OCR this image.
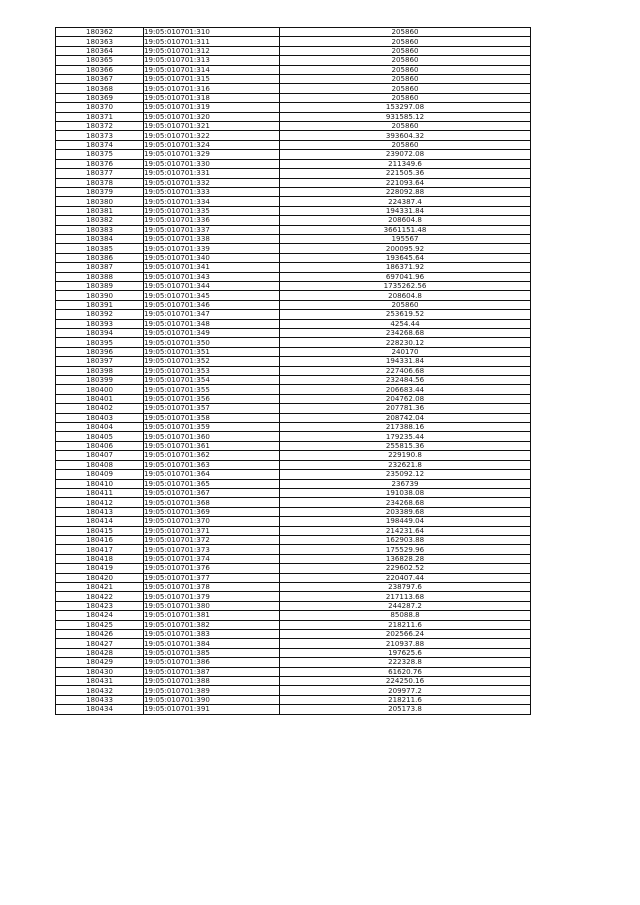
180362	19:05:010701:310	205860
180363	19:05:010701:311	205860
180364	19:05:010701:312	205860
180365	19:05:010701:313	205860
180366	19:05:010701:314	205860
180367	19:05:010701:315	205860
180368	19:05:010701:316	205860
180369	19:05:010701:318	205860
180370	19:05:010701:319	153297.08
180371	19:05:010701:320	931585.12
180372	19:05:010701:321	205860
180373	19:05:010701:322	393604.32
180374	19:05:010701:324	205860
180375	19:05:010701:329	239072.08
180376	19:05:010701:330	211349.6
180377	19:05:010701:331	221505.36
180378	19:05:010701:332	221093.64
180379	19:05:010701:333	228092.88
180380	19:05:010701:334	224387.4
180381	19:05:010701:335	194331.84
180382	19:05:010701:336	208604.8
180383	19:05:010701:337	3661151.48
180384	19:05:010701:338	195567
180385	19:05:010701:339	200095.92
180386	19:05:010701:340	193645.64
180387	19:05:010701:341	186371.92
180388	19:05:010701:343	697041.96
180389	19:05:010701:344	1735262.56
180390	19:05:010701:345	208604.8
180391	19:05:010701:346	205860
180392	19:05:010701:347	253619.52
180393	19:05:010701:348	4254.44
180394	19:05:010701:349	234268.68
180395	19:05:010701:350	228230.12
180396	19:05:010701:351	240170
180397	19:05:010701:352	194331.84
180398	19:05:010701:353	227406.68
180399	19:05:010701:354	232484.56
180400	19:05:010701:355	206683.44
180401	19:05:010701:356	204762.08
180402	19:05:010701:357	207781.36
180403	19:05:010701:358	208742.04
180404	19:05:010701:359	217388.16
180405	19:05:010701:360	179235.44
180406	19:05:010701:361	255815.36
180407	19:05:010701:362	229190.8
180408	19:05:010701:363	232621.8
180409	19:05:010701:364	235092.12
180410	19:05:010701:365	236739
180411	19:05:010701:367	191038.08
180412	19:05:010701:368	234268.68
180413	19:05:010701:369	203389.68
180414	19:05:010701:370	198449.04
180415	19:05:010701:371	214231.64
180416	19:05:010701:372	162903.88
180417	19:05:010701:373	175529.96
180418	19:05:010701:374	136828.28
180419	19:05:010701:376	229602.52
180420	19:05:010701:377	220407.44
180421	19:05:010701:378	238797.6
180422	19:05:010701:379	217113.68
180423	19:05:010701:380	244287.2
180424	19:05:010701:381	85088.8
180425	19:05:010701:382	218211.6
180426	19:05:010701:383	202566.24
180427	19:05:010701:384	210937.88
180428	19:05:010701:385	197625.6
180429	19:05:010701:386	222328.8
180430	19:05:010701:387	61620.76
180431	19:05:010701:388	224250.16
180432	19:05:010701:389	209977.2
180433	19:05:010701:390	218211.6
180434	19:05:010701:391	205173.8
